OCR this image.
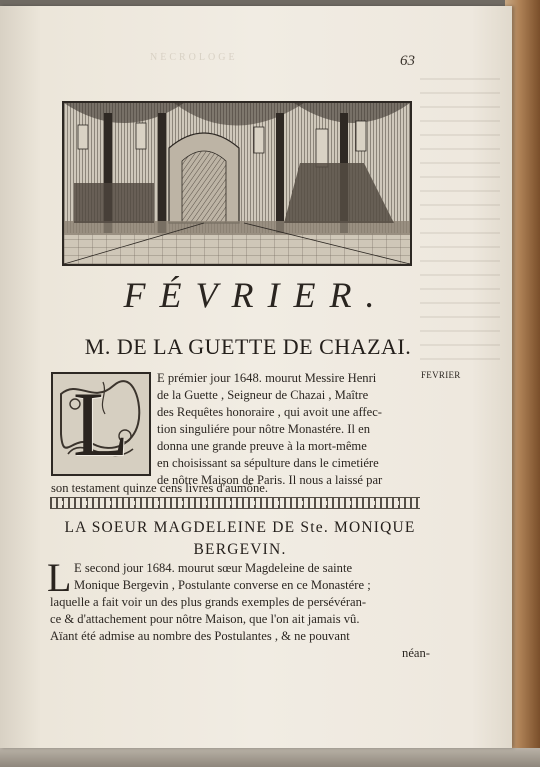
NÉCROLOGE	63
FÉVRIER.
M. DE LA GUETTE DE CHAZAI.
L	E prémier jour 1648. mourut Messire Henri
de la Guette , Seigneur de Chazai , Maître
des Requêtes honoraire , qui avoit une affec-
tion singuliére pour nôtre Monastére. Il en
donna une grande preuve à la mort-même
en choisissant sa sépulture dans le cimetiére
de nôtre Maison de Paris. Il nous a laissé par
FEVRIER
son testament quinze cens livres d'aumône.
LA SOEUR MAGDELEINE DE Ste. MONIQUE
BERGEVIN.
L E second jour 1684. mourut sœur Magdeleine de sainte
Monique Bergevin , Postulante converse en ce Monastére ;
laquelle a fait voir un des plus grands exemples de persévéran-
ce & d'attachement pour nôtre Maison, que l'on ait jamais vû.
Aïant été admise au nombre des Postulantes , & ne pouvant
néan-
